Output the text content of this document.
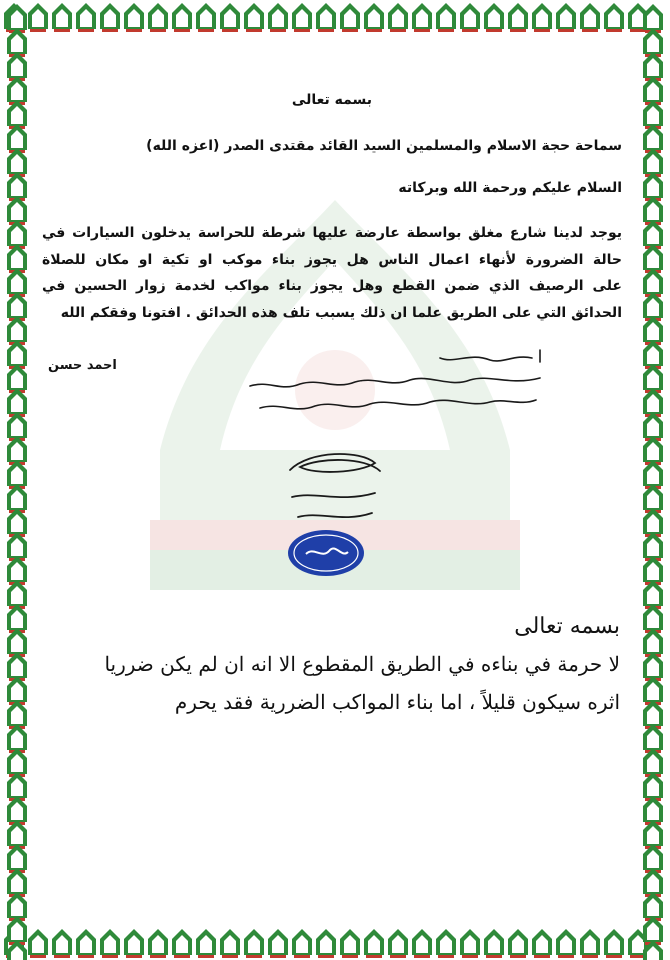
بسمه تعالى
سماحة حجة الاسلام والمسلمين السيد القائد مقتدى الصدر (اعزه الله)
السلام عليكم ورحمة الله وبركاته
يوجد لدينا شارع مغلق بواسطة عارضة عليها شرطة للحراسة يدخلون السيارات في
حالة الضرورة لأنهاء اعمال الناس هل يجوز بناء موكب او تكية او مكان للصلاة
على الرصيف الذي ضمن القطع وهل يجوز بناء مواكب لخدمة زوار الحسين في
الحدائق التي على الطريق علما ان ذلك يسبب تلف هذه الحدائق . افتونا وفقكم الله
احمد حسن
بسمه تعالى
لا حرمة في بناءه في الطريق المقطوع الا انه ان لم يكن ضرريا
اثره سيكون قليلاً ، اما بناء المواكب الضررية فقد يحرم
